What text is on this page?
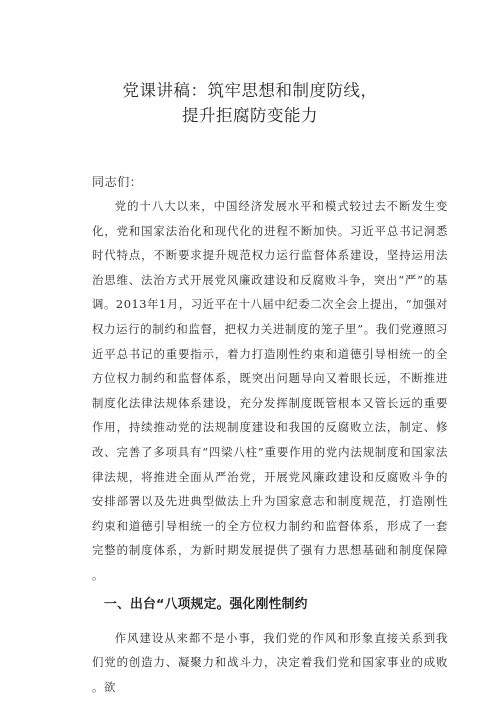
党课讲稿：筑牢思想和制度防线，
提升拒腐防变能力
同志们：

党的十八大以来，中国经济发展水平和模式较过去不断发生变化，党和国家法治化和现代化的进程不断加快。习近平总书记洞悉时代特点，不断要求提升规范权力运行监督体系建设，坚持运用法治思维、法治方式开展党风廉政建设和反腐败斗争，突出“严”的基调。2013年1月，习近平在十八届中纪委二次全会上提出，“加强对权力运行的制约和监督，把权力关进制度的笼子里”。我们党遵照习近平总书记的重要指示，着力打造刚性约束和道德引导相统一的全方位权力制约和监督体系，既突出问题导向又着眼长远，不断推进制度化法律法规体系建设，充分发挥制度既管根本又管长远的重要作用，持续推动党的法规制度建设和我国的反腐败立法，制定、修改、完善了多项具有“四梁八柱”重要作用的党内法规制度和国家法律法规，将推进全面从严治党，开展党风廉政建设和反腐败斗争的安排部署以及先进典型做法上升为国家意志和制度规范，打造刚性约束和道德引导相统一的全方位权力制约和监督体系，形成了一套完整的制度体系，为新时期发展提供了强有力思想基础和制度保障。

一、出台“八项规定。强化刚性制约

作风建设从来都不是小事，我们党的作风和形象直接关系到我们党的创造力、凝聚力和战斗力，决定着我们党和国家事业的成败。欲
